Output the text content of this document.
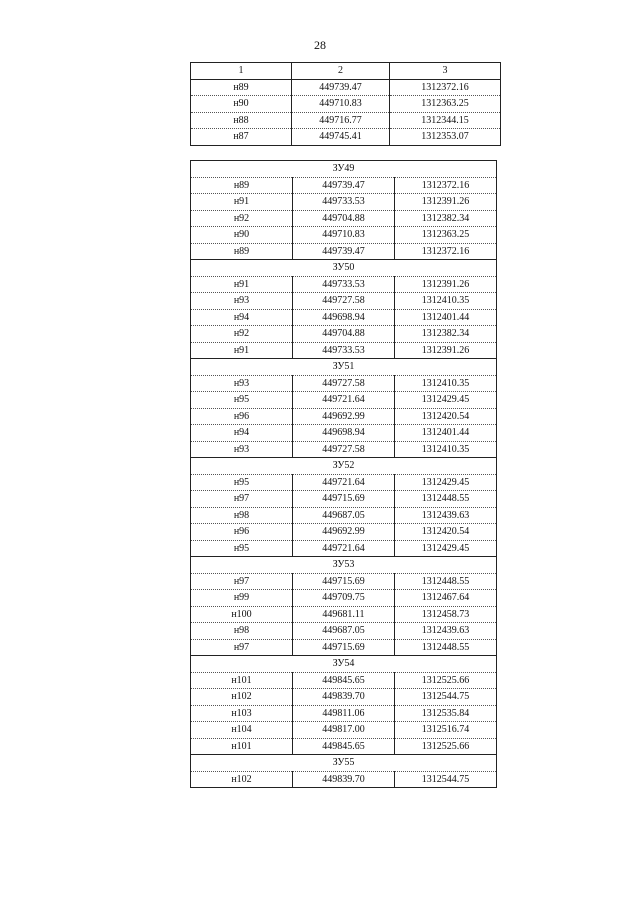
28
1	2	3
н89	449739.47	1312372.16
н90	449710.83	1312363.25
н88	449716.77	1312344.15
н87	449745.41	1312353.07
ЗУ49		
н89	449739.47	1312372.16
н91	449733.53	1312391.26
н92	449704.88	1312382.34
н90	449710.83	1312363.25
н89	449739.47	1312372.16
ЗУ50		
н91	449733.53	1312391.26
н93	449727.58	1312410.35
н94	449698.94	1312401.44
н92	449704.88	1312382.34
н91	449733.53	1312391.26
ЗУ51		
н93	449727.58	1312410.35
н95	449721.64	1312429.45
н96	449692.99	1312420.54
н94	449698.94	1312401.44
н93	449727.58	1312410.35
ЗУ52		
н95	449721.64	1312429.45
н97	449715.69	1312448.55
н98	449687.05	1312439.63
н96	449692.99	1312420.54
н95	449721.64	1312429.45
ЗУ53		
н97	449715.69	1312448.55
н99	449709.75	1312467.64
н100	449681.11	1312458.73
н98	449687.05	1312439.63
н97	449715.69	1312448.55
ЗУ54		
н101	449845.65	1312525.66
н102	449839.70	1312544.75
н103	449811.06	1312535.84
н104	449817.00	1312516.74
н101	449845.65	1312525.66
ЗУ55		
н102	449839.70	1312544.75
